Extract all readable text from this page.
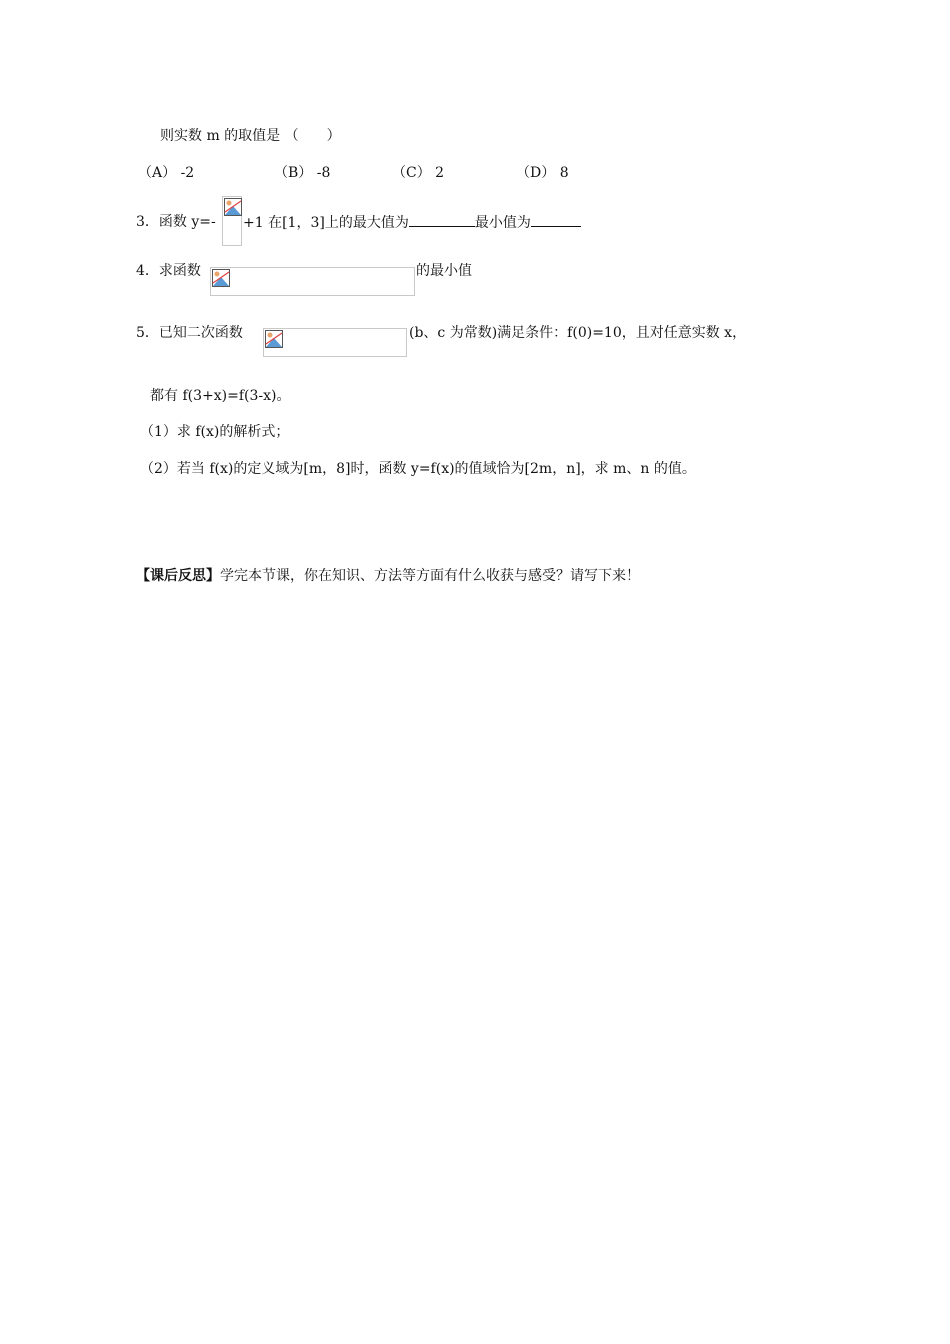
则实数 m 的取值是 （　　）
（A） -2	（B） -8	（C） 2	（D） 8
3．函数 y=- +1 在[1，3]上的最大值为	最小值为
4．求函数	的最小值
5．已知二次函数	(b、c 为常数)满足条件：f(0)=10，且对任意实数 x，
都有 f(3+x)=f(3-x)。
（1）求 f(x)的解析式；
（2）若当 f(x)的定义域为[m，8]时，函数 y=f(x)的值域恰为[2m，n]，求 m、n 的值。
【课后反思】学完本节课，你在知识、方法等方面有什么收获与感受？请写下来！
